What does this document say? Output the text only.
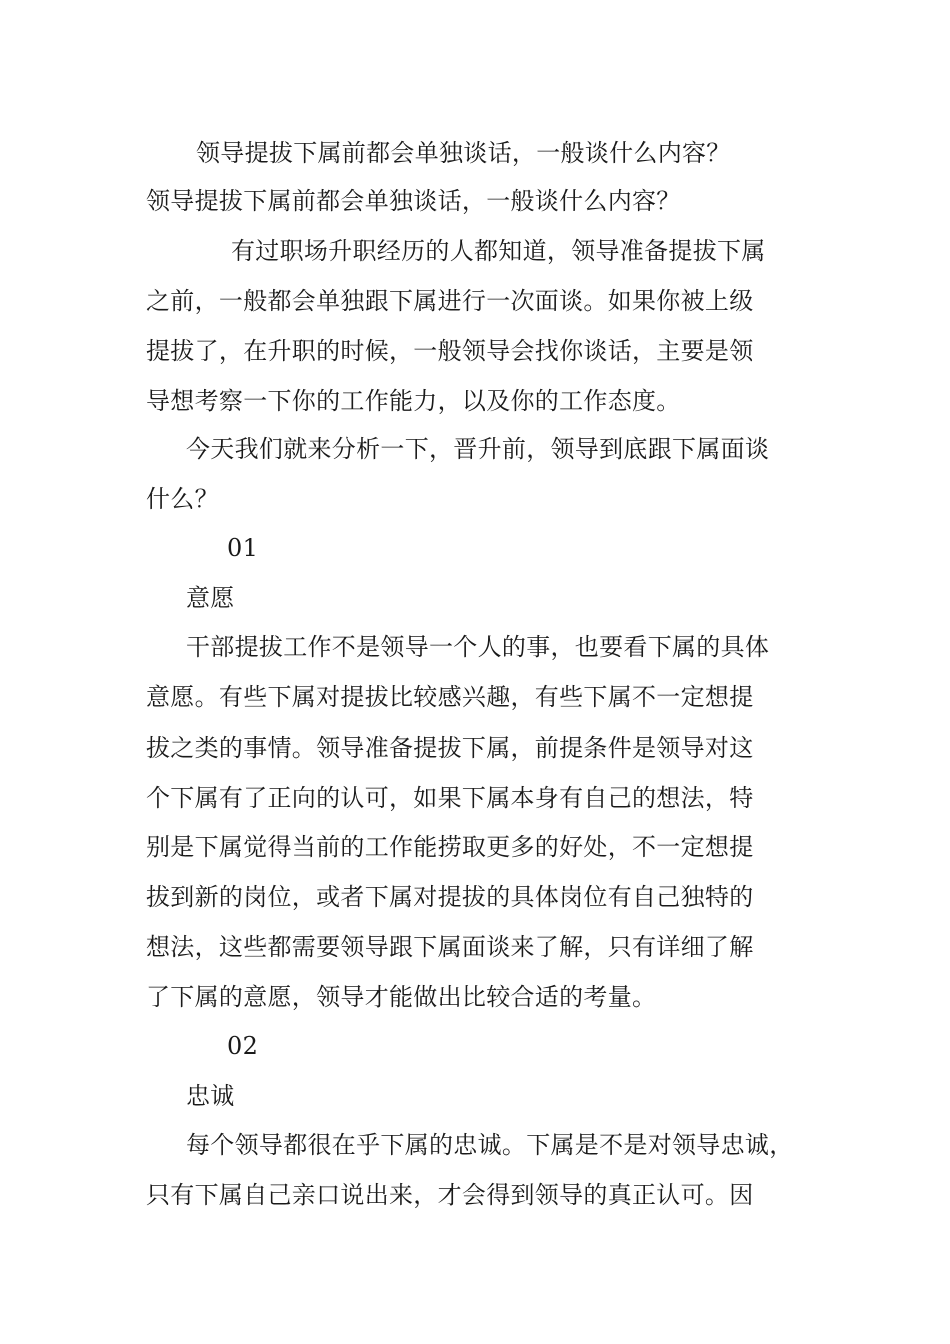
领导提拔下属前都会单独谈话，一般谈什么内容？
领导提拔下属前都会单独谈话，一般谈什么内容？
有过职场升职经历的人都知道，领导准备提拔下属
之前，一般都会单独跟下属进行一次面谈。如果你被上级
提拔了，在升职的时候，一般领导会找你谈话，主要是领
导想考察一下你的工作能力，以及你的工作态度。
今天我们就来分析一下，晋升前，领导到底跟下属面谈
什么？
01
意愿
干部提拔工作不是领导一个人的事，也要看下属的具体
意愿。有些下属对提拔比较感兴趣，有些下属不一定想提
拔之类的事情。领导准备提拔下属，前提条件是领导对这
个下属有了正向的认可，如果下属本身有自己的想法，特
别是下属觉得当前的工作能捞取更多的好处，不一定想提
拔到新的岗位，或者下属对提拔的具体岗位有自己独特的
想法，这些都需要领导跟下属面谈来了解，只有详细了解
了下属的意愿，领导才能做出比较合适的考量。
02
忠诚
每个领导都很在乎下属的忠诚。下属是不是对领导忠诚，
只有下属自己亲口说出来，才会得到领导的真正认可。因
